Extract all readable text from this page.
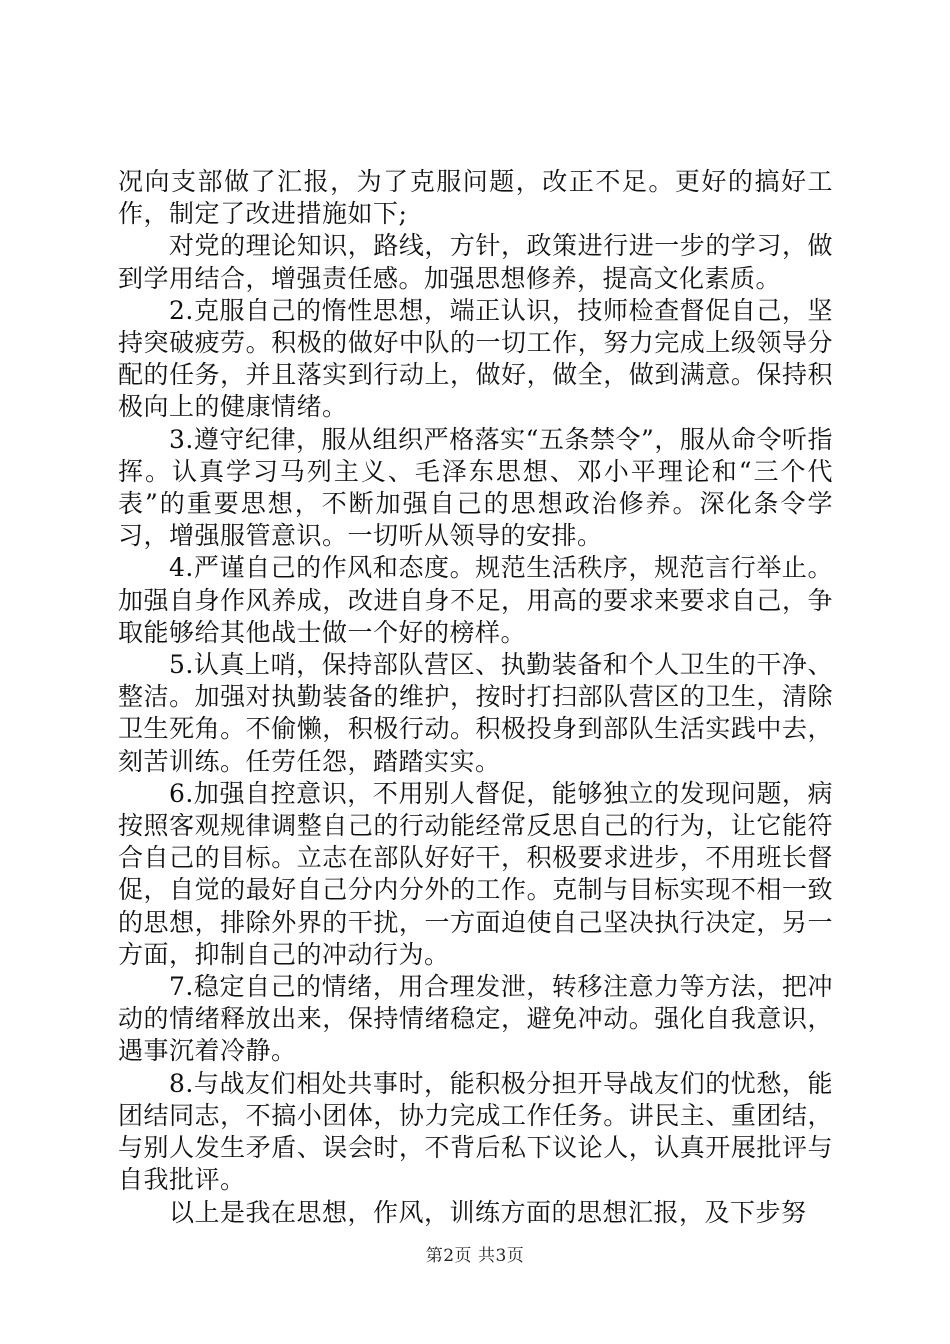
况向支部做了汇报，为了克服问题，改正不足。更好的搞好工作，制定了改进措施如下;

对党的理论知识，路线，方针，政策进行进一步的学习，做到学用结合，增强责任感。加强思想修养，提高文化素质。

2.克服自己的惰性思想，端正认识，技师检查督促自己，坚持突破疲劳。积极的做好中队的一切工作，努力完成上级领导分配的任务，并且落实到行动上，做好，做全，做到满意。保持积极向上的健康情绪。

3.遵守纪律，服从组织严格落实“五条禁令”，服从命令听指挥。认真学习马列主义、毛泽东思想、邓小平理论和“三个代表”的重要思想，不断加强自己的思想政治修养。深化条令学习，增强服管意识。一切听从领导的安排。

4.严谨自己的作风和态度。规范生活秩序，规范言行举止。加强自身作风养成，改进自身不足，用高的要求来要求自己，争取能够给其他战士做一个好的榜样。

5.认真上哨，保持部队营区、执勤装备和个人卫生的干净、整洁。加强对执勤装备的维护，按时打扫部队营区的卫生，清除卫生死角。不偷懒，积极行动。积极投身到部队生活实践中去，刻苦训练。任劳任怨，踏踏实实。

6.加强自控意识，不用别人督促，能够独立的发现问题，病按照客观规律调整自己的行动能经常反思自己的行为，让它能符合自己的目标。立志在部队好好干，积极要求进步，不用班长督促，自觉的最好自己分内分外的工作。克制与目标实现不相一致的思想，排除外界的干扰，一方面迫使自己坚决执行决定，另一方面，抑制自己的冲动行为。

7.稳定自己的情绪，用合理发泄，转移注意力等方法，把冲动的情绪释放出来，保持情绪稳定，避免冲动。强化自我意识，遇事沉着冷静。

8.与战友们相处共事时，能积极分担开导战友们的忧愁，能团结同志，不搞小团体，协力完成工作任务。讲民主、重团结，与别人发生矛盾、误会时，不背后私下议论人，认真开展批评与自我批评。

以上是我在思想，作风，训练方面的思想汇报，及下步努

第2页 共3页
